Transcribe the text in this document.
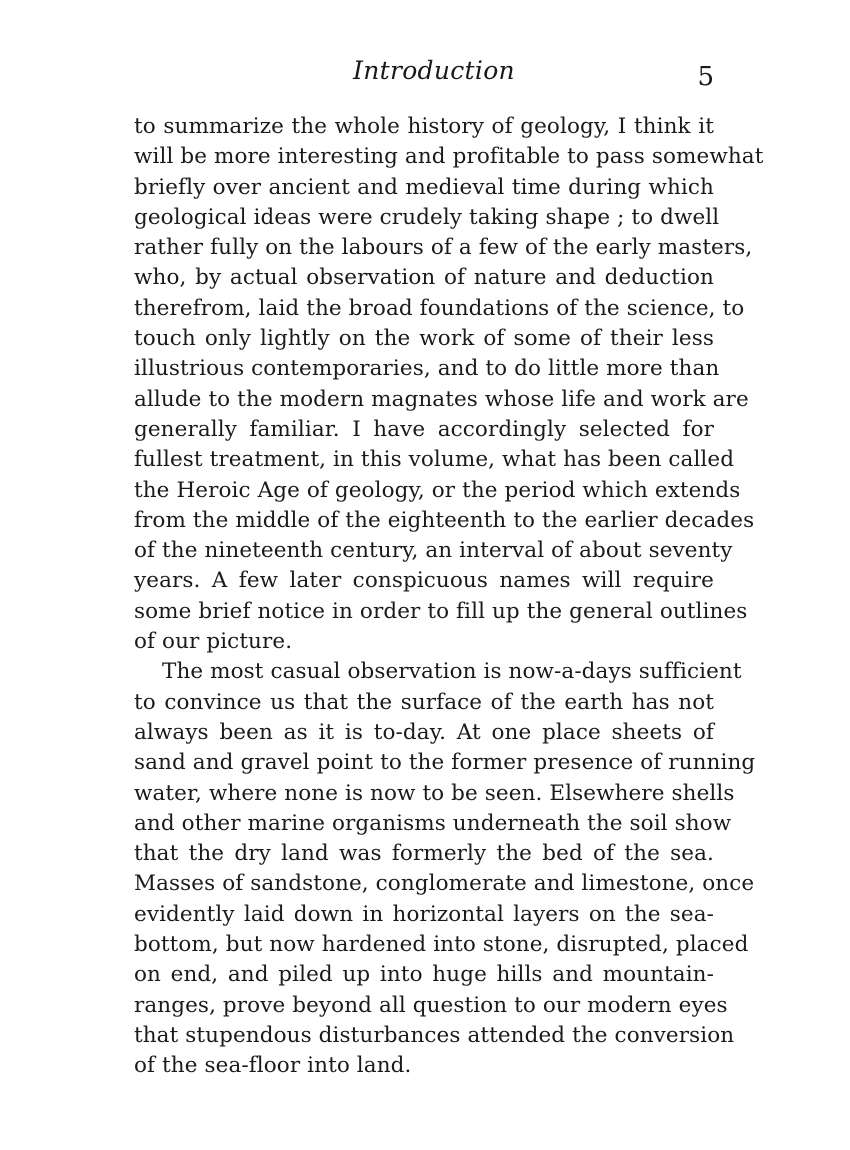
Introduction	5
to summarize the whole history of geology, I think it
will be more interesting and profitable to pass somewhat
briefly over ancient and medieval time during which
geological ideas were crudely taking shape ; to dwell
rather fully on the labours of a few of the early masters,
who, by actual observation of nature and deduction
therefrom, laid the broad foundations of the science, to
touch only lightly on the work of some of their less
illustrious contemporaries, and to do little more than
allude to the modern magnates whose life and work are
generally familiar. I have accordingly selected for
fullest treatment, in this volume, what has been called
the Heroic Age of geology, or the period which extends
from the middle of the eighteenth to the earlier decades
of the nineteenth century, an interval of about seventy
years. A few later conspicuous names will require
some brief notice in order to fill up the general outlines
of our picture.
The most casual observation is now-a-days sufficient
to convince us that the surface of the earth has not
always been as it is to-day. At one place sheets of
sand and gravel point to the former presence of running
water, where none is now to be seen. Elsewhere shells
and other marine organisms underneath the soil show
that the dry land was formerly the bed of the sea.
Masses of sandstone, conglomerate and limestone, once
evidently laid down in horizontal layers on the sea-
bottom, but now hardened into stone, disrupted, placed
on end, and piled up into huge hills and mountain-
ranges, prove beyond all question to our modern eyes
that stupendous disturbances attended the conversion
of the sea-floor into land.
